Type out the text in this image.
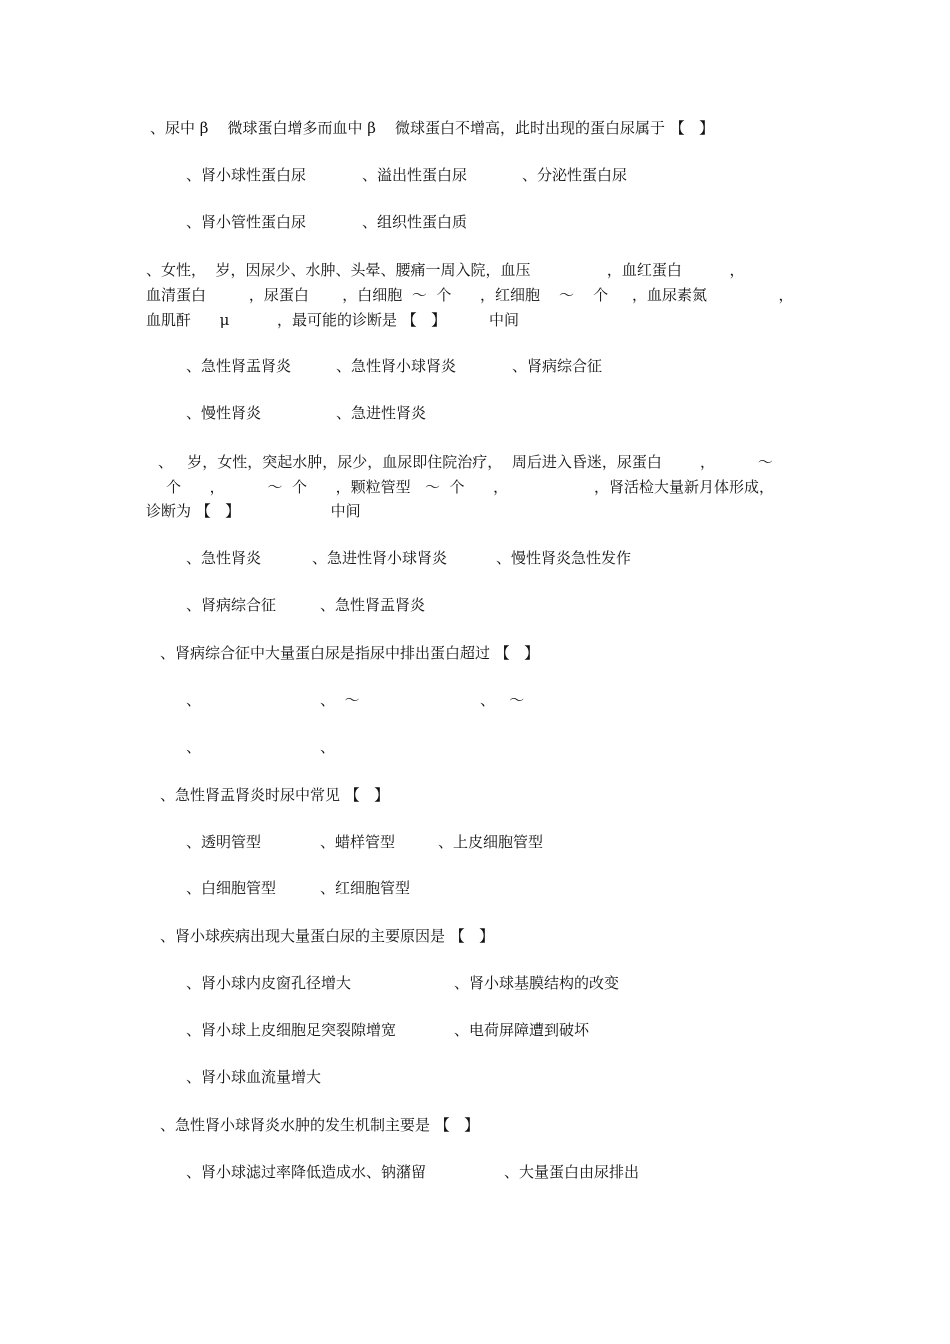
、尿中 β    微球蛋白增多而血中 β    微球蛋白不增高，此时出现的蛋白尿属于 【   】
、肾小球性蛋白尿	、溢出性蛋白尿	、分泌性蛋白尿
、肾小管性蛋白尿	、组织性蛋白质
、女性，  岁，因尿少、水肿、头晕、腰痛一周入院，血压                ，血红蛋白          ，
血清蛋白         ，尿蛋白       ，白细胞  ～  个      ，红细胞    ～    个     ，血尿素氮               ，
血肌酐      μ          ，最可能的诊断是 【   】         中间
、急性肾盂肾炎	、急性肾小球肾炎	、肾病综合征
、慢性肾炎	、急进性肾炎
、   岁，女性，突起水肿，尿少，血尿即住院治疗，  周后进入昏迷，尿蛋白        ，         ～
个      ，         ～  个      ，颗粒管型   ～  个      ，                  ，肾活检大量新月体形成，
诊断为 【   】                   中间
、急性肾炎	、急进性肾小球肾炎	、慢性肾炎急性发作
、肾病综合征	、急性肾盂肾炎
、肾病综合征中大量蛋白尿是指尿中排出蛋白超过 【   】
、	、  ～	、   ～
、	、
、急性肾盂肾炎时尿中常见 【   】
、透明管型	、蜡样管型	、上皮细胞管型
、白细胞管型	、红细胞管型
、肾小球疾病出现大量蛋白尿的主要原因是 【   】
、肾小球内皮窗孔径增大	、肾小球基膜结构的改变
、肾小球上皮细胞足突裂隙增宽	、电荷屏障遭到破坏
、肾小球血流量增大
、急性肾小球肾炎水肿的发生机制主要是 【   】
、肾小球滤过率降低造成水、钠潴留	、大量蛋白由尿排出
